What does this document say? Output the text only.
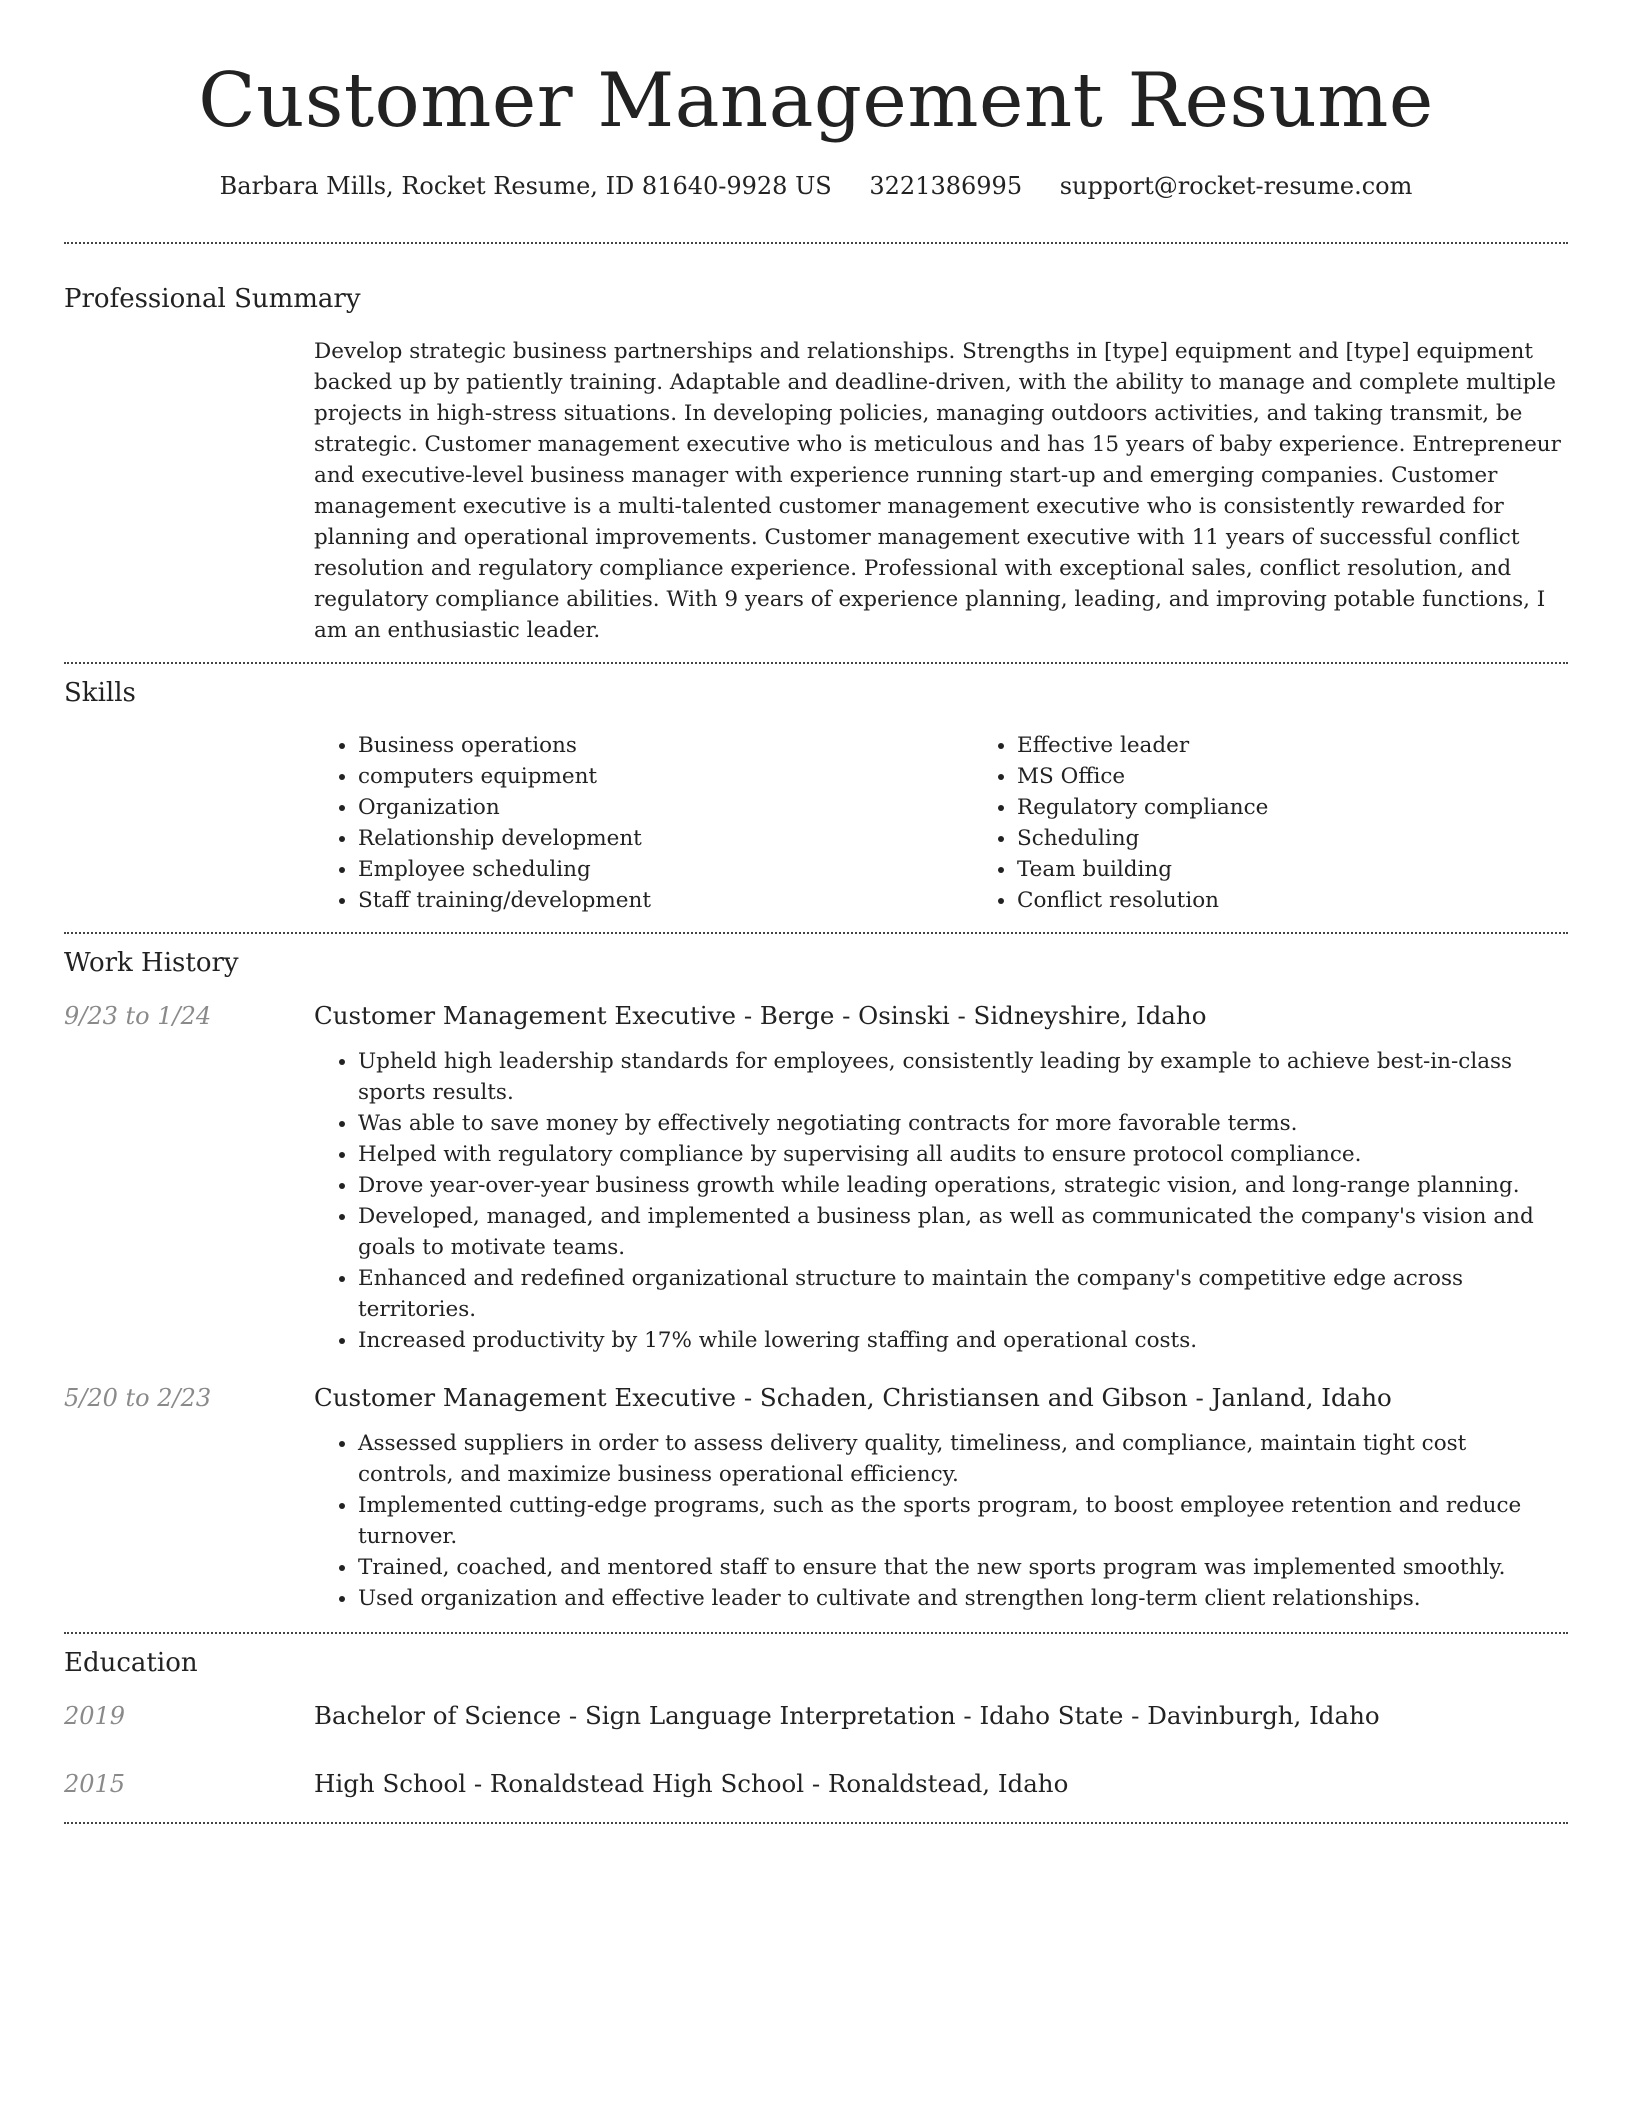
Customer Management Resume
Barbara Mills, Rocket Resume, ID 81640-9928 US 3221386995 support@rocket-resume.com
Professional Summary

Develop strategic business partnerships and relationships. Strengths in [type] equipment and [type] equipment backed up by patiently training. Adaptable and deadline-driven, with the ability to manage and complete multiple projects in high-stress situations. In developing policies, managing outdoors activities, and taking transmit, be strategic. Customer management executive who is meticulous and has 15 years of baby experience. Entrepreneur and executive-level business manager with experience running start-up and emerging companies. Customer management executive is a multi-talented customer management executive who is consistently rewarded for planning and operational improvements. Customer management executive with 11 years of successful conflict resolution and regulatory compliance experience. Professional with exceptional sales, conflict resolution, and regulatory compliance abilities. With 9 years of experience planning, leading, and improving potable functions, I am an enthusiastic leader.

Skills
• Business operations
• computers equipment
• Organization
• Relationship development
• Employee scheduling
• Staff training/development
• Effective leader
• MS Office
• Regulatory compliance
• Scheduling
• Team building
• Conflict resolution
Work History
9/23 to 1/24	Customer Management Executive - Berge - Osinski - Sidneyshire, Idaho
• Upheld high leadership standards for employees, consistently leading by example to achieve best-in-class sports results.
• Was able to save money by effectively negotiating contracts for more favorable terms.
• Helped with regulatory compliance by supervising all audits to ensure protocol compliance.
• Drove year-over-year business growth while leading operations, strategic vision, and long-range planning.
• Developed, managed, and implemented a business plan, as well as communicated the company's vision and goals to motivate teams.
• Enhanced and redefined organizational structure to maintain the company's competitive edge across territories.
• Increased productivity by 17% while lowering staffing and operational costs.
5/20 to 2/23	Customer Management Executive - Schaden, Christiansen and Gibson - Janland, Idaho
• Assessed suppliers in order to assess delivery quality, timeliness, and compliance, maintain tight cost controls, and maximize business operational efficiency.
• Implemented cutting-edge programs, such as the sports program, to boost employee retention and reduce turnover.
• Trained, coached, and mentored staff to ensure that the new sports program was implemented smoothly.
• Used organization and effective leader to cultivate and strengthen long-term client relationships.
Education
2019	Bachelor of Science - Sign Language Interpretation - Idaho State - Davinburgh, Idaho
2015	High School - Ronaldstead High School - Ronaldstead, Idaho
